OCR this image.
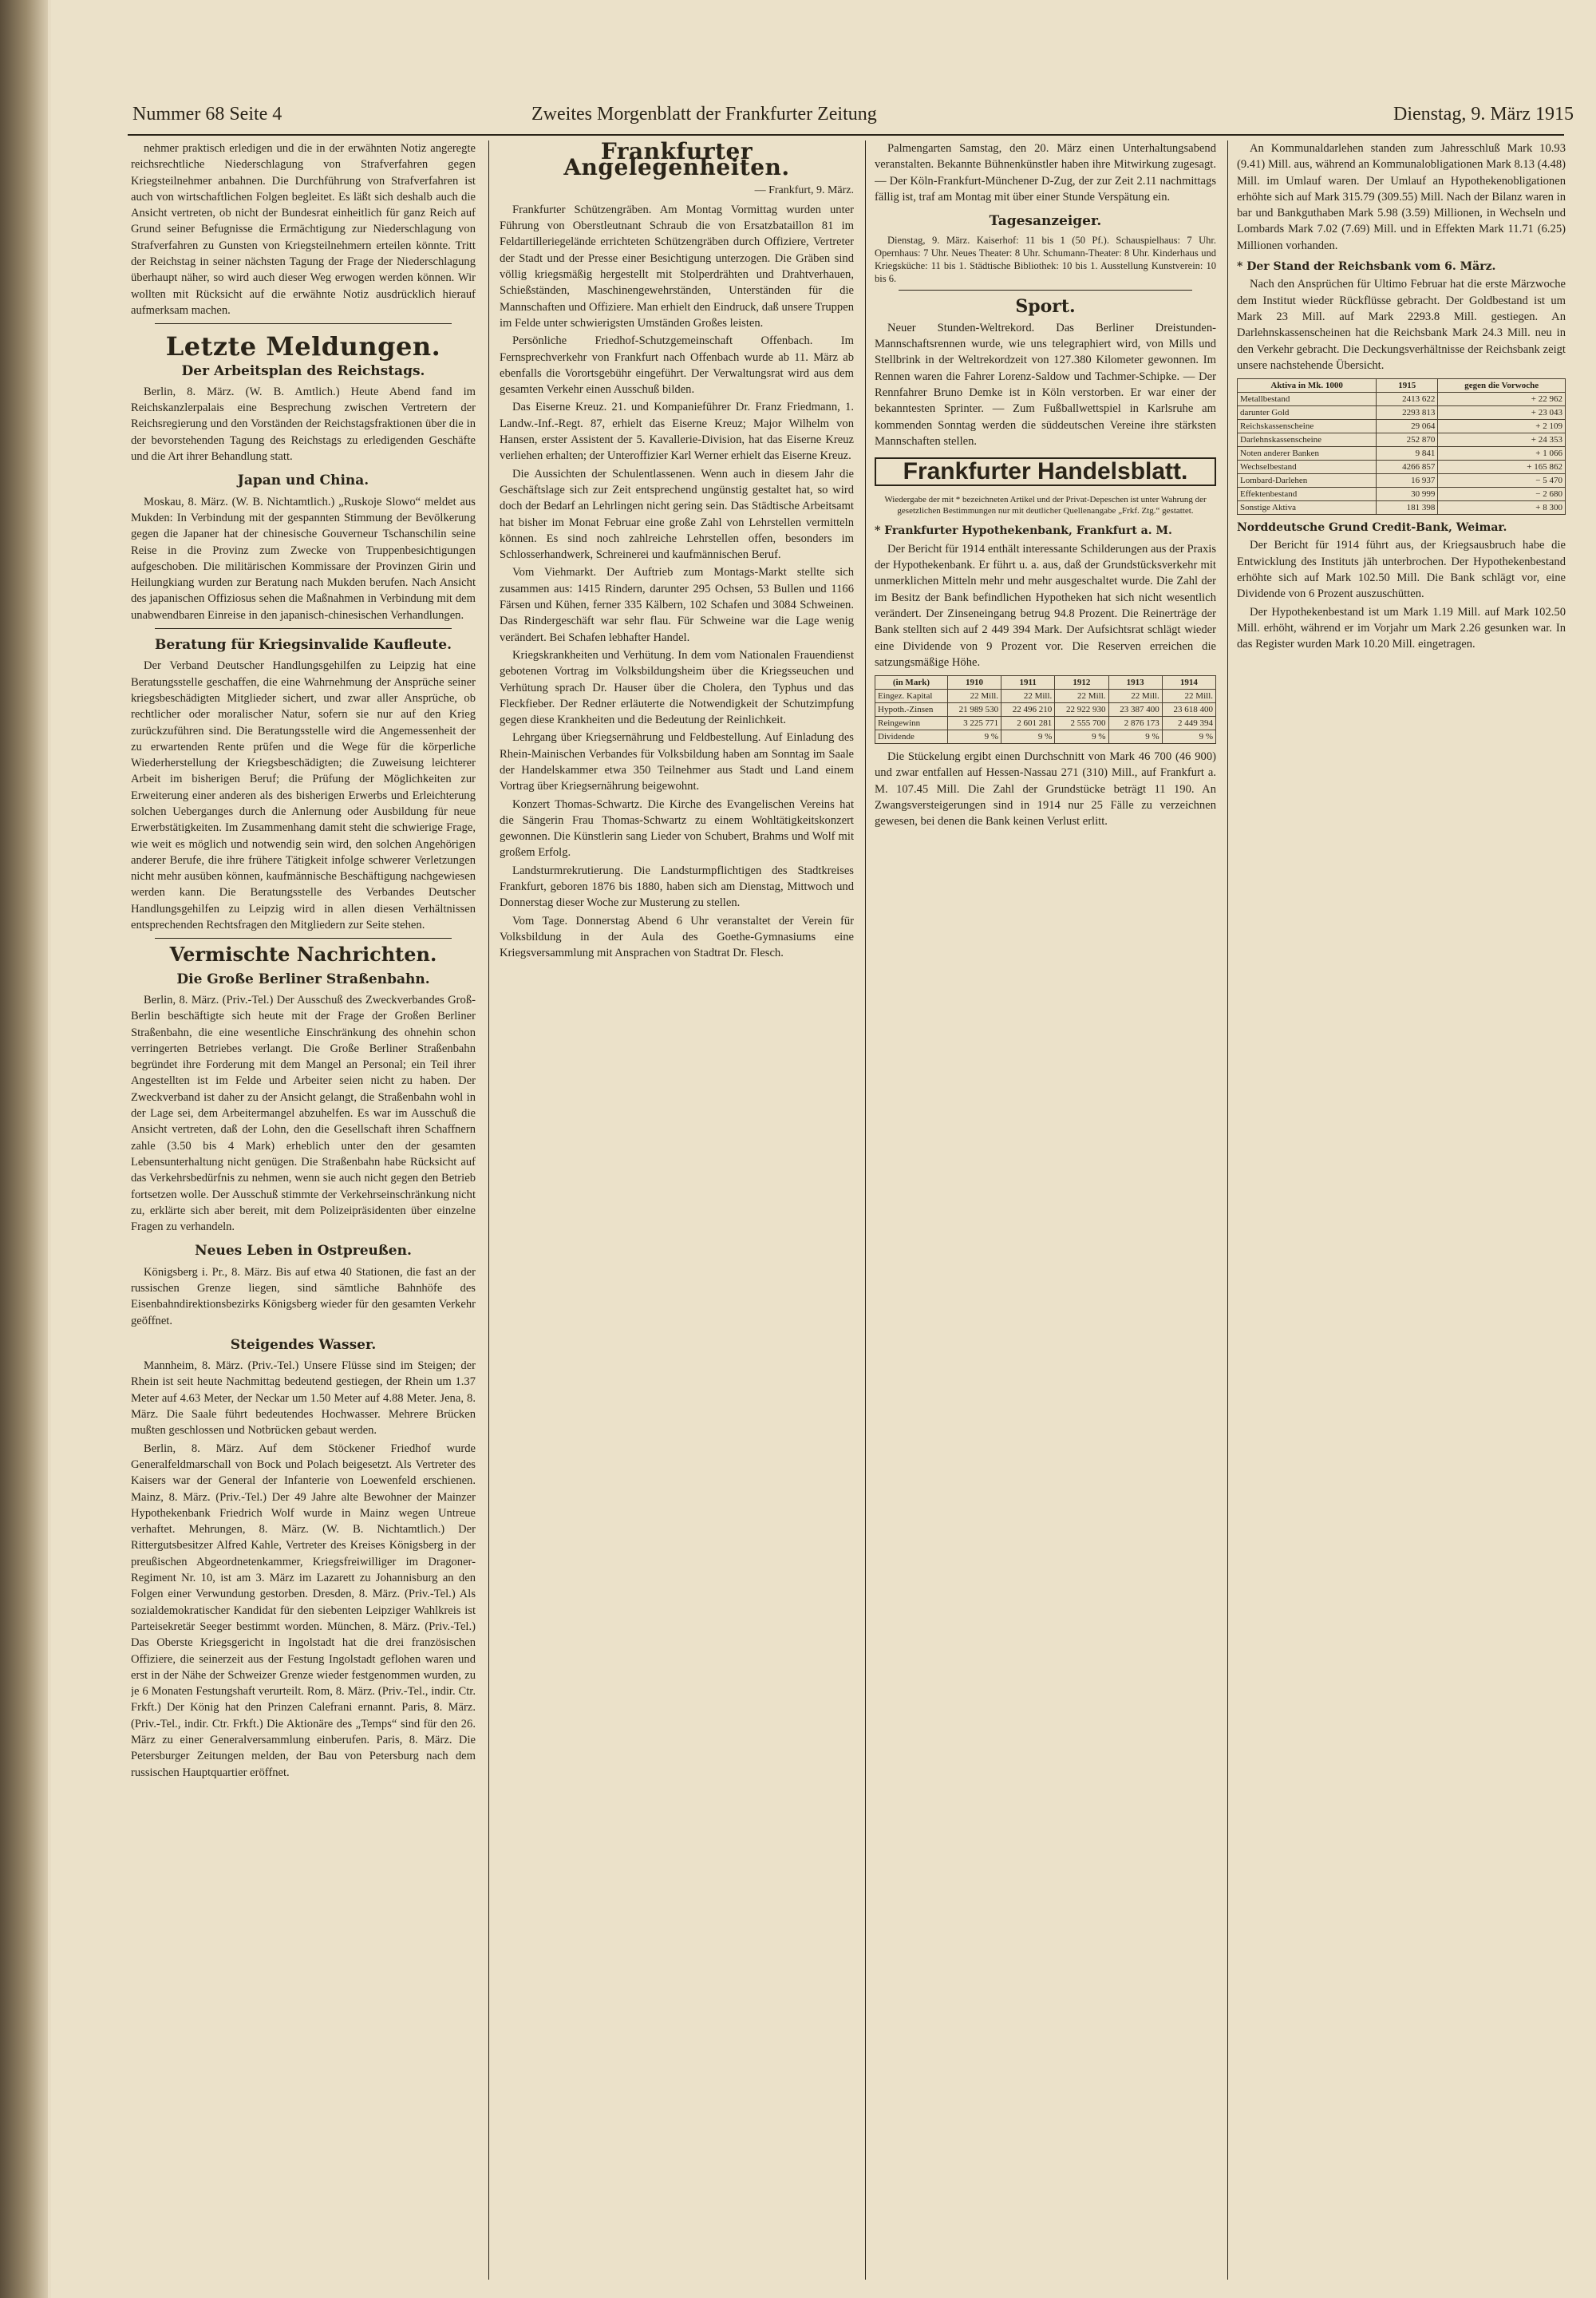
Nummer 68 Seite 4	Zweites Morgenblatt der Frankfurter Zeitung	Dienstag, 9. März 1915

nehmer praktisch erledigen und die in der erwähnten Notiz angeregte reichsrechtliche Niederschlagung von Strafverfahren gegen Kriegsteilnehmer anbahnen. Die Durchführung von Strafverfahren ist auch von wirtschaftlichen Folgen begleitet. Es läßt sich deshalb auch die Ansicht vertreten, ob nicht der Bundesrat einheitlich für ganz Reich auf Grund seiner Befugnisse die Ermächtigung zur Niederschlagung von Strafverfahren zu Gunsten von Kriegsteilnehmern erteilen könnte. Tritt der Reichstag in seiner nächsten Tagung der Frage der Niederschlagung überhaupt näher, so wird auch dieser Weg erwogen werden können. Wir wollten mit Rücksicht auf die erwähnte Notiz ausdrücklich hierauf aufmerksam machen.

Letzte Meldungen.
Der Arbeitsplan des Reichstags.

Berlin, 8. März. (W. B. Amtlich.) Heute Abend fand im Reichskanzlerpalais eine Besprechung zwischen Vertretern der Reichsregierung und den Vorständen der Reichstagsfraktionen über die in der bevorstehenden Tagung des Reichstags zu erledigenden Geschäfte und die Art ihrer Behandlung statt.

Japan und China.

Moskau, 8. März. (W. B. Nichtamtlich.) „Ruskoje Slowo“ meldet aus Mukden: In Verbindung mit der gespannten Stimmung der Bevölkerung gegen die Japaner hat der chinesische Gouverneur Tschanschilin seine Reise in die Provinz zum Zwecke von Truppenbesichtigungen aufgeschoben. Die militärischen Kommissare der Provinzen Girin und Heilungkiang wurden zur Beratung nach Mukden berufen. Nach Ansicht des japanischen Offiziosus sehen die Maßnahmen in Verbindung mit dem unabwendbaren Einreise in den japanisch-chinesischen Verhandlungen.

Beratung für Kriegsinvalide Kaufleute.

Der Verband Deutscher Handlungsgehilfen zu Leipzig hat eine Beratungsstelle geschaffen, die eine Wahrnehmung der Ansprüche seiner kriegsbeschädigten Mitglieder sichert, und zwar aller Ansprüche, ob rechtlicher oder moralischer Natur, sofern sie nur auf den Krieg zurückzuführen sind. Die Beratungsstelle wird die Angemessenheit der zu erwartenden Rente prüfen und die Wege für die körperliche Wiederherstellung der Kriegsbeschädigten; die Zuweisung leichterer Arbeit im bisherigen Beruf; die Prüfung der Möglichkeiten zur Erweiterung einer anderen als des bisherigen Erwerbs und Erleichterung solchen Ueberganges durch die Anlernung oder Ausbildung für neue Erwerbstätigkeiten. Im Zusammenhang damit steht die schwierige Frage, wie weit es möglich und notwendig sein wird, den solchen Angehörigen anderer Berufe, die ihre frühere Tätigkeit infolge schwerer Verletzungen nicht mehr ausüben können, kaufmännische Beschäftigung nachgewiesen werden kann. Die Beratungsstelle des Verbandes Deutscher Handlungsgehilfen zu Leipzig wird in allen diesen Verhältnissen entsprechenden Rechtsfragen den Mitgliedern zur Seite stehen.

Vermischte Nachrichten.
Die Große Berliner Straßenbahn.

Berlin, 8. März. (Priv.-Tel.) Der Ausschuß des Zweckverbandes Groß-Berlin beschäftigte sich heute mit der Frage der Großen Berliner Straßenbahn, die eine wesentliche Einschränkung des ohnehin schon verringerten Betriebes verlangt. Die Große Berliner Straßenbahn begründet ihre Forderung mit dem Mangel an Personal; ein Teil ihrer Angestellten ist im Felde und Arbeiter seien nicht zu haben. Der Zweckverband ist daher zu der Ansicht gelangt, die Straßenbahn wohl in der Lage sei, dem Arbeitermangel abzuhelfen. Es war im Ausschuß die Ansicht vertreten, daß der Lohn, den die Gesellschaft ihren Schaffnern zahle (3.50 bis 4 Mark) erheblich unter den der gesamten Lebensunterhaltung nicht genügen. Die Straßenbahn habe Rücksicht auf das Verkehrsbedürfnis zu nehmen, wenn sie auch nicht gegen den Betrieb fortsetzen wolle. Der Ausschuß stimmte der Verkehrseinschränkung nicht zu, erklärte sich aber bereit, mit dem Polizeipräsidenten über einzelne Fragen zu verhandeln.

Neues Leben in Ostpreußen.

Königsberg i. Pr., 8. März. Bis auf etwa 40 Stationen, die fast an der russischen Grenze liegen, sind sämtliche Bahnhöfe des Eisenbahndirektionsbezirks Königsberg wieder für den gesamten Verkehr geöffnet.

Steigendes Wasser.

Mannheim, 8. März. (Priv.-Tel.) Unsere Flüsse sind im Steigen; der Rhein ist seit heute Nachmittag bedeutend gestiegen, der Rhein um 1.37 Meter auf 4.63 Meter, der Neckar um 1.50 Meter auf 4.88 Meter. Jena, 8. März. Die Saale führt bedeutendes Hochwasser. Mehrere Brücken mußten geschlossen und Notbrücken gebaut werden.

Berlin, 8. März. Auf dem Stöckener Friedhof wurde Generalfeldmarschall von Bock und Polach beigesetzt. Als Vertreter des Kaisers war der General der Infanterie von Loewenfeld erschienen. Mainz, 8. März. (Priv.-Tel.) Der 49 Jahre alte Bewohner der Mainzer Hypothekenbank Friedrich Wolf wurde in Mainz wegen Untreue verhaftet. Mehrungen, 8. März. (W. B. Nichtamtlich.) Der Rittergutsbesitzer Alfred Kahle, Vertreter des Kreises Königsberg in der preußischen Abgeordnetenkammer, Kriegsfreiwilliger im Dragoner-Regiment Nr. 10, ist am 3. März im Lazarett zu Johannisburg an den Folgen einer Verwundung gestorben. Dresden, 8. März. (Priv.-Tel.) Als sozialdemokratischer Kandidat für den siebenten Leipziger Wahlkreis ist Parteisekretär Seeger bestimmt worden. München, 8. März. (Priv.-Tel.) Das Oberste Kriegsgericht in Ingolstadt hat die drei französischen Offiziere, die seinerzeit aus der Festung Ingolstadt geflohen waren und erst in der Nähe der Schweizer Grenze wieder festgenommen wurden, zu je 6 Monaten Festungshaft verurteilt. Rom, 8. März. (Priv.-Tel., indir. Ctr. Frkft.) Der König hat den Prinzen Calefrani ernannt. Paris, 8. März. (Priv.-Tel., indir. Ctr. Frkft.) Die Aktionäre des „Temps“ sind für den 26. März zu einer Generalversammlung einberufen. Paris, 8. März. Die Petersburger Zeitungen melden, der Bau von Petersburg nach dem russischen Hauptquartier eröffnet.

Frankfurter Angelegenheiten.
— Frankfurt, 9. März.

Frankfurter Schützengräben. Am Montag Vormittag wurden unter Führung von Oberstleutnant Schraub die von Ersatzbataillon 81 im Feldartilleriegelände errichteten Schützengräben durch Offiziere, Vertreter der Stadt und der Presse einer Besichtigung unterzogen. Die Gräben sind völlig kriegsmäßig hergestellt mit Stolperdrähten und Drahtverhauen, Schießständen, Maschinengewehrständen, Unterständen für die Mannschaften und Offiziere. Man erhielt den Eindruck, daß unsere Truppen im Felde unter schwierigsten Umständen Großes leisten.

Persönliche Friedhof-Schutzgemeinschaft Offenbach. Im Fernsprechverkehr von Frankfurt nach Offenbach wurde ab 11. März ab ebenfalls die Vorortsgebühr eingeführt. Der Verwaltungsrat wird aus dem gesamten Verkehr einen Ausschuß bilden.

Das Eiserne Kreuz. 21. und Kompanieführer Dr. Franz Friedmann, 1. Landw.-Inf.-Regt. 87, erhielt das Eiserne Kreuz; Major Wilhelm von Hansen, erster Assistent der 5. Kavallerie-Division, hat das Eiserne Kreuz verliehen erhalten; der Unteroffizier Karl Werner erhielt das Eiserne Kreuz.

Die Aussichten der Schulentlassenen. Wenn auch in diesem Jahr die Geschäftslage sich zur Zeit entsprechend ungünstig gestaltet hat, so wird doch der Bedarf an Lehrlingen nicht gering sein. Das Städtische Arbeitsamt hat bisher im Monat Februar eine große Zahl von Lehrstellen vermitteln können. Es sind noch zahlreiche Lehrstellen offen, besonders im Schlosserhandwerk, Schreinerei und kaufmännischen Beruf.

Vom Viehmarkt. Der Auftrieb zum Montags-Markt stellte sich zusammen aus: 1415 Rindern, darunter 295 Ochsen, 53 Bullen und 1166 Färsen und Kühen, ferner 335 Kälbern, 102 Schafen und 3084 Schweinen. Das Rindergeschäft war sehr flau. Für Schweine war die Lage wenig verändert. Bei Schafen lebhafter Handel.

Kriegskrankheiten und Verhütung. In dem vom Nationalen Frauendienst gebotenen Vortrag im Volksbildungsheim über die Kriegsseuchen und Verhütung sprach Dr. Hauser über die Cholera, den Typhus und das Fleckfieber. Der Redner erläuterte die Notwendigkeit der Schutzimpfung gegen diese Krankheiten und die Bedeutung der Reinlichkeit.

Lehrgang über Kriegsernährung und Feldbestellung. Auf Einladung des Rhein-Mainischen Verbandes für Volksbildung haben am Sonntag im Saale der Handelskammer etwa 350 Teilnehmer aus Stadt und Land einem Vortrag über Kriegsernährung beigewohnt.

Konzert Thomas-Schwartz. Die Kirche des Evangelischen Vereins hat die Sängerin Frau Thomas-Schwartz zu einem Wohltätigkeitskonzert gewonnen. Die Künstlerin sang Lieder von Schubert, Brahms und Wolf mit großem Erfolg.

Landsturmrekrutierung. Die Landsturmpflichtigen des Stadtkreises Frankfurt, geboren 1876 bis 1880, haben sich am Dienstag, Mittwoch und Donnerstag dieser Woche zur Musterung zu stellen.

Vom Tage. Donnerstag Abend 6 Uhr veranstaltet der Verein für Volksbildung in der Aula des Goethe-Gymnasiums eine Kriegsversammlung mit Ansprachen von Stadtrat Dr. Flesch.

Palmengarten Samstag, den 20. März einen Unterhaltungsabend veranstalten. Bekannte Bühnenkünstler haben ihre Mitwirkung zugesagt. — Der Köln-Frankfurt-Münchener D-Zug, der zur Zeit 2.11 nachmittags fällig ist, traf am Montag mit über einer Stunde Verspätung ein.

Tagesanzeiger.

Dienstag, 9. März. Kaiserhof: 11 bis 1 (50 Pf.). Schauspielhaus: 7 Uhr. Opernhaus: 7 Uhr. Neues Theater: 8 Uhr. Schumann-Theater: 8 Uhr. Kinderhaus und Kriegsküche: 11 bis 1. Städtische Bibliothek: 10 bis 1. Ausstellung Kunstverein: 10 bis 6.

Sport.

Neuer Stunden-Weltrekord. Das Berliner Dreistunden-Mannschaftsrennen wurde, wie uns telegraphiert wird, von Mills und Stellbrink in der Weltrekordzeit von 127.380 Kilometer gewonnen. Im Rennen waren die Fahrer Lorenz-Saldow und Tachmer-Schipke. — Der Rennfahrer Bruno Demke ist in Köln verstorben. Er war einer der bekanntesten Sprinter. — Zum Fußballwettspiel in Karlsruhe am kommenden Sonntag werden die süddeutschen Vereine ihre stärksten Mannschaften stellen.

Frankfurter Handelsblatt.
Wiedergabe der mit * bezeichneten Artikel und der Privat-Depeschen ist unter Wahrung der gesetzlichen Bestimmungen nur mit deutlicher Quellenangabe „Frkf. Ztg.“ gestattet.
* Frankfurter Hypothekenbank, Frankfurt a. M.

Der Bericht für 1914 enthält interessante Schilderungen aus der Praxis der Hypothekenbank. Er führt u. a. aus, daß der Grundstücksverkehr mit unmerklichen Mitteln mehr und mehr ausgeschaltet wurde. Die Zahl der im Besitz der Bank befindlichen Hypotheken hat sich nicht wesentlich verändert. Der Zinseneingang betrug 94.8 Prozent. Die Reinerträge der Bank stellten sich auf 2 449 394 Mark. Der Aufsichtsrat schlägt wieder eine Dividende von 9 Prozent vor. Die Reserven erreichen die satzungsmäßige Höhe.

(in Mark)	1910	1911	1912	1913	1914
Eingez. Kapital	22 Mill.	22 Mill.	22 Mill.	22 Mill.	22 Mill.
Hypoth.-Zinsen	21 989 530	22 496 210	22 922 930	23 387 400	23 618 400
Reingewinn	3 225 771	2 601 281	2 555 700	2 876 173	2 449 394
Dividende	9 %	9 %	9 %	9 %	9 %

Die Stückelung ergibt einen Durchschnitt von Mark 46 700 (46 900) und zwar entfallen auf Hessen-Nassau 271 (310) Mill., auf Frankfurt a. M. 107.45 Mill. Die Zahl der Grundstücke beträgt 11 190. An Zwangsversteigerungen sind in 1914 nur 25 Fälle zu verzeichnen gewesen, bei denen die Bank keinen Verlust erlitt.

An Kommunaldarlehen standen zum Jahresschluß Mark 10.93 (9.41) Mill. aus, während an Kommunalobligationen Mark 8.13 (4.48) Mill. im Umlauf waren. Der Umlauf an Hypothekenobligationen erhöhte sich auf Mark 315.79 (309.55) Mill. Nach der Bilanz waren in bar und Bankguthaben Mark 5.98 (3.59) Millionen, in Wechseln und Lombards Mark 7.02 (7.69) Mill. und in Effekten Mark 11.71 (6.25) Millionen vorhanden.

* Der Stand der Reichsbank vom 6. März.

Nach den Ansprüchen für Ultimo Februar hat die erste Märzwoche dem Institut wieder Rückflüsse gebracht. Der Goldbestand ist um Mark 23 Mill. auf Mark 2293.8 Mill. gestiegen. An Darlehnskassenscheinen hat die Reichsbank Mark 24.3 Mill. neu in den Verkehr gebracht. Die Deckungsverhältnisse der Reichsbank zeigt unsere nachstehende Übersicht.

Aktiva in Mk. 1000	1915	gegen die Vorwoche
Metallbestand	2413 622	+ 22 962
darunter Gold	2293 813	+ 23 043
Reichskassenscheine	29 064	+ 2 109
Darlehnskassenscheine	252 870	+ 24 353
Noten anderer Banken	9 841	+ 1 066
Wechselbestand	4266 857	+ 165 862
Lombard-Darlehen	16 937	− 5 470
Effektenbestand	30 999	− 2 680
Sonstige Aktiva	181 398	+ 8 300
Norddeutsche Grund Credit-Bank, Weimar.

Der Bericht für 1914 führt aus, der Kriegsausbruch habe die Entwicklung des Instituts jäh unterbrochen. Der Hypothekenbestand erhöhte sich auf Mark 102.50 Mill. Die Bank schlägt vor, eine Dividende von 6 Prozent auszuschütten.

Der Hypothekenbestand ist um Mark 1.19 Mill. auf Mark 102.50 Mill. erhöht, während er im Vorjahr um Mark 2.26 gesunken war. In das Register wurden Mark 10.20 Mill. eingetragen.
